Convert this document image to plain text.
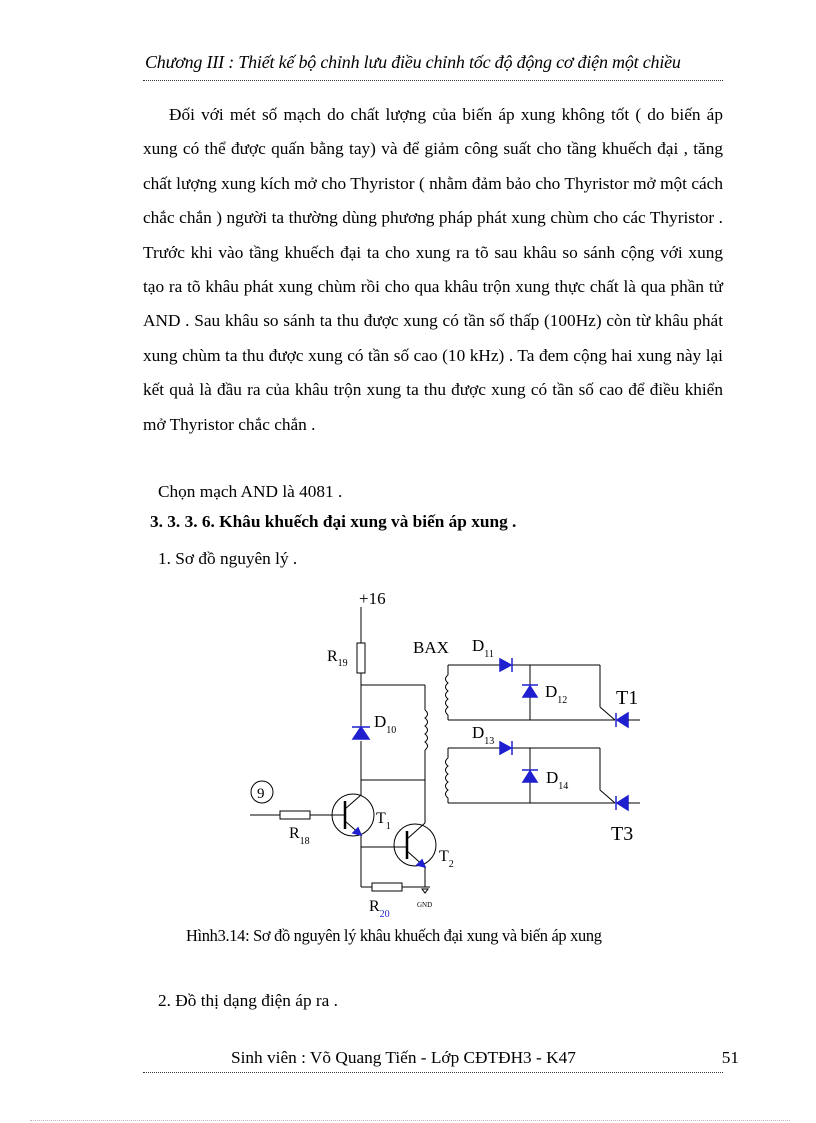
Chương III : Thiết kế bộ chỉnh lưu điều chỉnh tốc độ động cơ điện một chiều

Đối với mét số mạch do chất lượng của biến áp xung không tốt ( do biến áp xung có thể được quấn bằng tay) và để giảm công suất cho tầng khuếch đại , tăng chất lượng xung kích mở cho Thyristor ( nhằm đảm bảo cho Thyristor mở một cách chắc chắn ) người ta thường dùng phương pháp phát xung chùm cho các Thyristor . Trước khi vào tầng khuếch đại ta cho xung ra tõ sau khâu so sánh cộng với xung tạo ra tõ khâu phát xung chùm rồi cho qua khâu trộn xung thực chất là qua phần tử AND . Sau khâu so sánh ta thu được xung có tần số thấp (100Hz) còn từ khâu phát xung chùm ta thu được xung có tần số cao (10 kHz) . Ta đem cộng hai xung này lại kết quả là đầu ra của khâu trộn xung ta thu được xung có tần số cao để điều khiển mở Thyristor chắc chắn .

Chọn mạch AND là 4081 .
3. 3. 3. 6. Khâu khuếch đại xung và biến áp xung .
1. Sơ đồ nguyên lý .
+16
$R_{19}$
BAX $D_{11}$
$D_{10}$
$D_{12}$ T1
$D_{13}$
$D_{14}$
T3
9
$R_{18}$
$T_1$
$T_2$
$R_{20}$
GND
Hình3.14: Sơ đồ nguyên lý khâu khuếch đại xung và biến áp xung
2. Đồ thị dạng điện áp ra .
Sinh viên : Võ Quang Tiến - Lớp CĐTĐH3 - K47	51
